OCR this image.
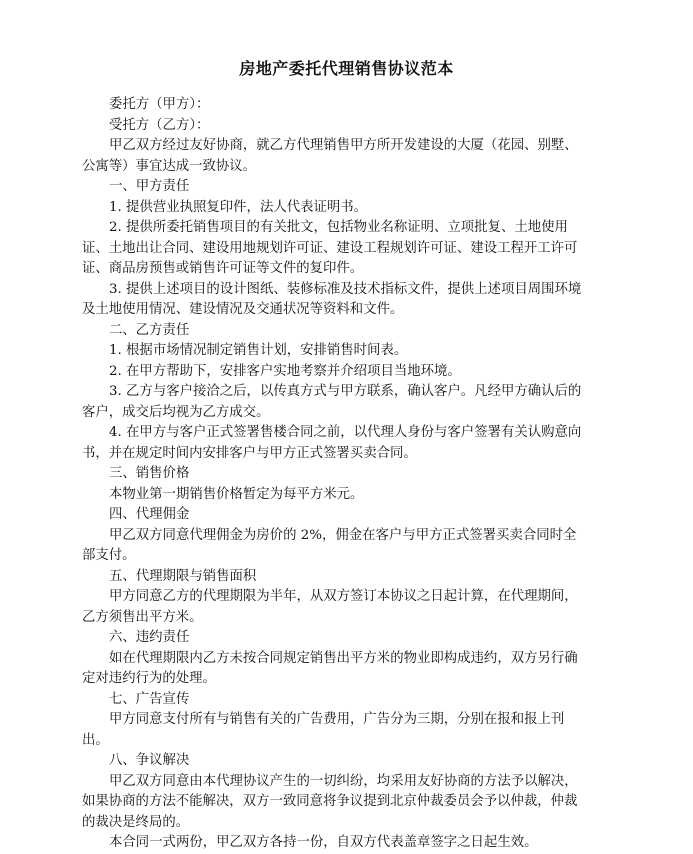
房地产委托代理销售协议范本

委托方（甲方）：

受托方（乙方）：

甲乙双方经过友好协商，就乙方代理销售甲方所开发建设的大厦（花园、别墅、公寓等）事宜达成一致协议。

一、甲方责任

1. 提供营业执照复印件，法人代表证明书。

2. 提供所委托销售项目的有关批文，包括物业名称证明、立项批复、土地使用证、土地出让合同、建设用地规划许可证、建设工程规划许可证、建设工程开工许可证、商品房预售或销售许可证等文件的复印件。

3. 提供上述项目的设计图纸、装修标准及技术指标文件，提供上述项目周围环境及土地使用情况、建设情况及交通状况等资料和文件。

二、乙方责任

1. 根据市场情况制定销售计划，安排销售时间表。

2. 在甲方帮助下，安排客户实地考察并介绍项目当地环境。

3. 乙方与客户接洽之后，以传真方式与甲方联系，确认客户。凡经甲方确认后的客户，成交后均视为乙方成交。

4. 在甲方与客户正式签署售楼合同之前，以代理人身份与客户签署有关认购意向书，并在规定时间内安排客户与甲方正式签署买卖合同。

三、销售价格

本物业第一期销售价格暂定为每平方米元。

四、代理佣金

甲乙双方同意代理佣金为房价的 2%，佣金在客户与甲方正式签署买卖合同时全部支付。

五、代理期限与销售面积

甲方同意乙方的代理期限为半年，从双方签订本协议之日起计算，在代理期间，乙方须售出平方米。

六、违约责任

如在代理期限内乙方未按合同规定销售出平方米的物业即构成违约，双方另行确定对违约行为的处理。

七、广告宣传

甲方同意支付所有与销售有关的广告费用，广告分为三期，分别在报和报上刊出。

八、争议解决

甲乙双方同意由本代理协议产生的一切纠纷，均采用友好协商的方法予以解决，如果协商的方法不能解决，双方一致同意将争议提到北京仲裁委员会予以仲裁，仲裁的裁决是终局的。

本合同一式两份，甲乙双方各持一份，自双方代表盖章签字之日起生效。
